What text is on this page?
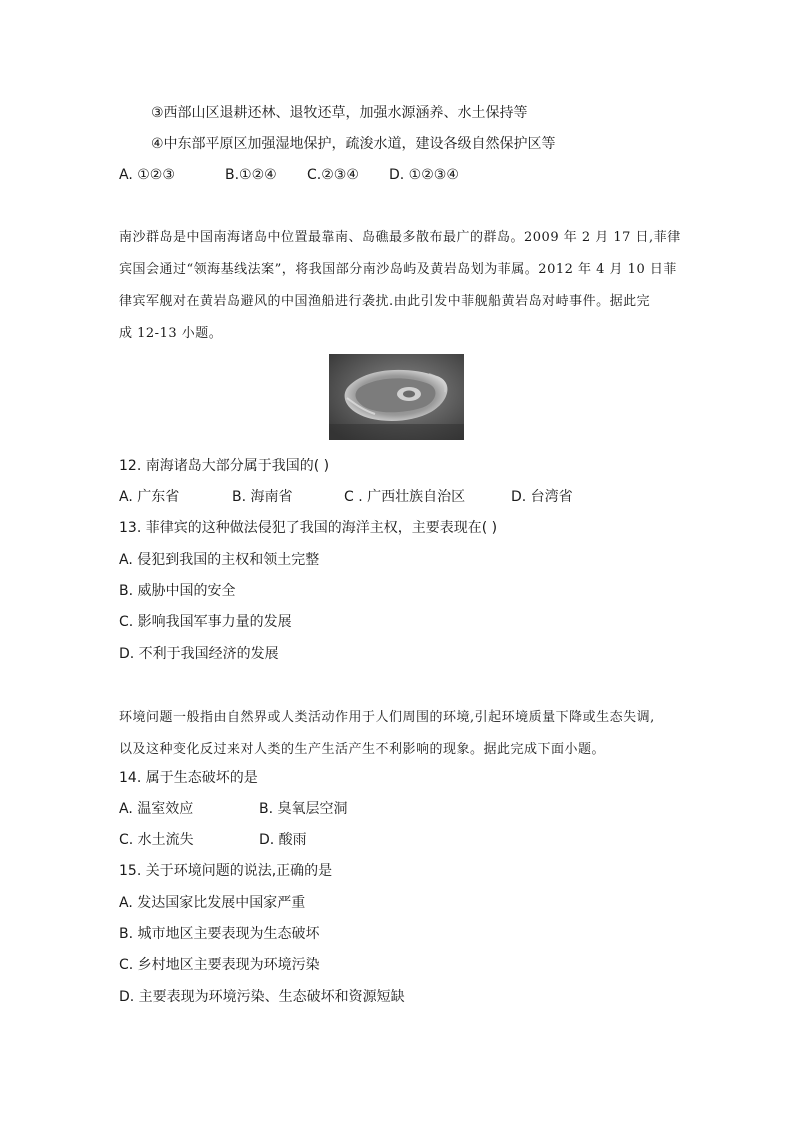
③西部山区退耕还林、退牧还草，加强水源涵养、水土保持等
④中东部平原区加强湿地保护，疏浚水道，建设各级自然保护区等
A. ①②③	B.①②④ C.②③④ D. ①②③④
南沙群岛是中国南海诸岛中位置最靠南、岛礁最多散布最广的群岛。2009 年 2 月 17 日,菲律
宾国会通过“领海基线法案”，将我国部分南沙岛屿及黄岩岛划为菲属。2012 年 4 月 10 日菲
律宾军舰对在黄岩岛避风的中国渔船进行袭扰.由此引发中菲舰船黄岩岛对峙事件。据此完
成 12-13 小题。
12. 南海诸岛大部分属于我国的( )
A. 广东省	B. 海南省	C . 广西壮族自治区	D. 台湾省
13. 菲律宾的这种做法侵犯了我国的海洋主权，主要表现在( )
A. 侵犯到我国的主权和领土完整
B. 威胁中国的安全
C. 影响我国军事力量的发展
D. 不利于我国经济的发展
环境问题一般指由自然界或人类活动作用于人们周围的环境,引起环境质量下降或生态失调,
以及这种变化反过来对人类的生产生活产生不利影响的现象。据此完成下面小题。
14. 属于生态破坏的是
A. 温室效应	B. 臭氧层空洞
C. 水土流失	D. 酸雨
15. 关于环境问题的说法,正确的是
A. 发达国家比发展中国家严重
B. 城市地区主要表现为生态破坏
C. 乡村地区主要表现为环境污染
D. 主要表现为环境污染、生态破坏和资源短缺
